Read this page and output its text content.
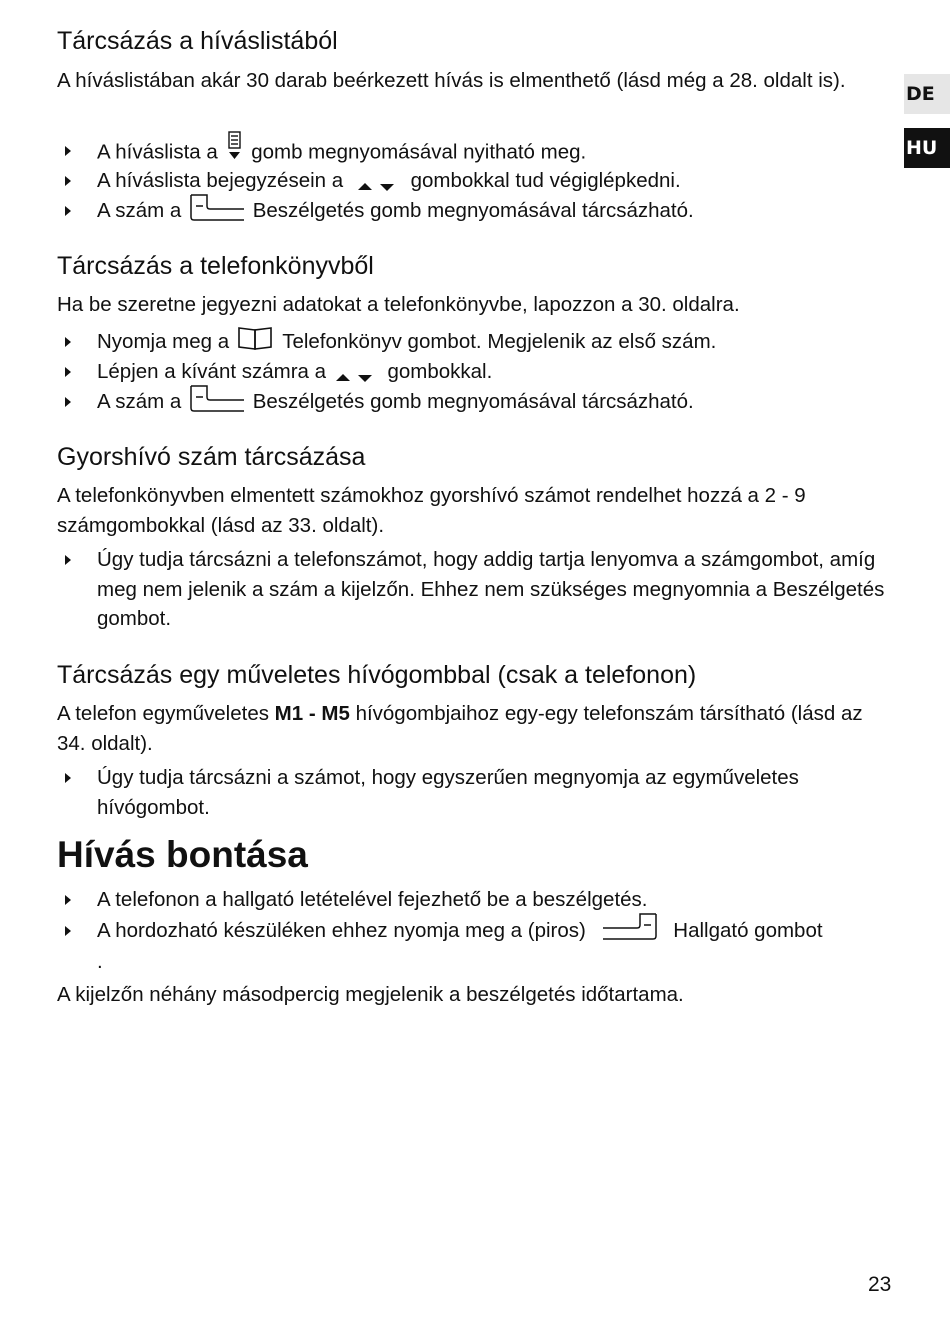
DE
HU
Tárcsázás a híváslistából

A híváslistában akár 30 darab beérkezett hívás is elmenthető (lásd még a 28. oldalt is).

A híváslista a gomb megnyomásával nyitható meg.
A híváslista bejegyzésein a	gombokkal tud végiglépkedni.
A szám a	Beszélgetés gomb megnyomásával tárcsázható.
Tárcsázás a telefonkönyvből

Ha be szeretne jegyezni adatokat a telefonkönyvbe, lapozzon a 30. oldalra.

Nyomja meg a	Telefonkönyv gombot. Megjelenik az első szám.
Lépjen a kívánt számra a	gombokkal.
A szám a	Beszélgetés gomb megnyomásával tárcsázható.
Gyorshívó szám tárcsázása

A telefonkönyvben elmentett számokhoz gyorshívó számot rendelhet hozzá a 2 - 9 számgombokkal (lásd az 33. oldalt).

Úgy tudja tárcsázni a telefonszámot, hogy addig tartja lenyomva a számgombot, amíg meg nem jelenik a szám a kijelzőn. Ehhez nem szükséges megnyomnia a Beszélgetés gombot.
Tárcsázás egy műveletes hívógombbal (csak a telefonon)

A telefon egyműveletes M1 - M5 hívógombjaihoz egy-egy telefonszám társítható (lásd az 34. oldalt).

Úgy tudja tárcsázni a számot, hogy egyszerűen megnyomja az egyműveletes hívógombot.
Hívás bontása
A telefonon a hallgató letételével fejezhető be a beszélgetés.
A hordozható készüléken ehhez nyomja meg a (piros)	Hallgató gombot
.

A kijelzőn néhány másodpercig megjelenik a beszélgetés időtartama.

23
